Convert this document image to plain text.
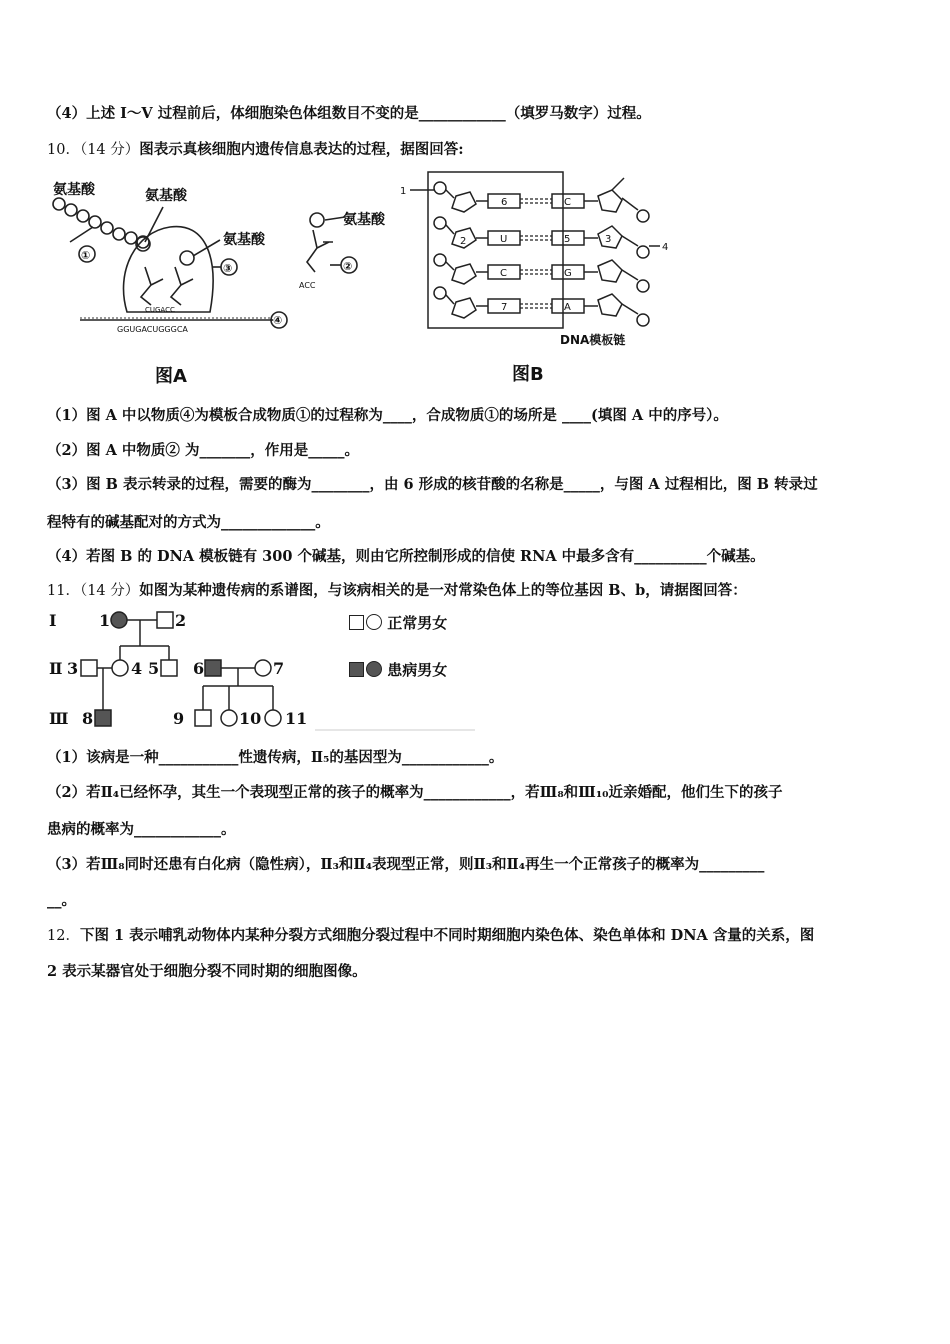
（4）上述 I～V 过程前后，体细胞染色体组数目不变的是____________（填罗马数字）过程。
10．（14 分）图表示真核细胞内遗传信息表达的过程，据图回答:
氨基酸	氨基酸
氨基酸
氨基酸
①
③
④
②
CUGACC
GGUGACUGGGCA
ACC
图A
1
2	3
4
6
U
C
7
C
5
G
A
DNA模板链
图B
（1）图 A 中以物质④为模板合成物质①的过程称为____，合成物质①的场所是 ____(填图 A 中的序号）。
（2）图 A 中物质② 为_______，作用是_____。
（3）图 B 表示转录的过程，需要的酶为________，由 6 形成的核苷酸的名称是_____，与图 A 过程相比，图 B 转录过
程特有的碱基配对的方式为_____________。
（4）若图 B 的 DNA 模板链有 300 个碱基，则由它所控制形成的信使 RNA 中最多含有__________个碱基。
11．（14 分）如图为某种遗传病的系谱图，与该病相关的是一对常染色体上的等位基因 B、b，请据图回答：
Ⅰ
Ⅱ
Ⅲ
1	2
3	4 5 6	7
8	9	10 11
正常男女
患病男女
（1）该病是一种___________性遗传病，Ⅱ₅的基因型为____________。
（2）若Ⅱ₄已经怀孕，其生一个表现型正常的孩子的概率为____________，若Ⅲ₈和Ⅲ₁₀近亲婚配，他们生下的孩子
患病的概率为____________。
（3）若Ⅲ₈同时还患有白化病（隐性病），Ⅱ₃和Ⅱ₄表现型正常，则Ⅱ₃和Ⅱ₄再生一个正常孩子的概率为_________
__。
12．下图 1 表示哺乳动物体内某种分裂方式细胞分裂过程中不同时期细胞内染色体、染色单体和 DNA 含量的关系，图
2 表示某器官处于细胞分裂不同时期的细胞图像。
